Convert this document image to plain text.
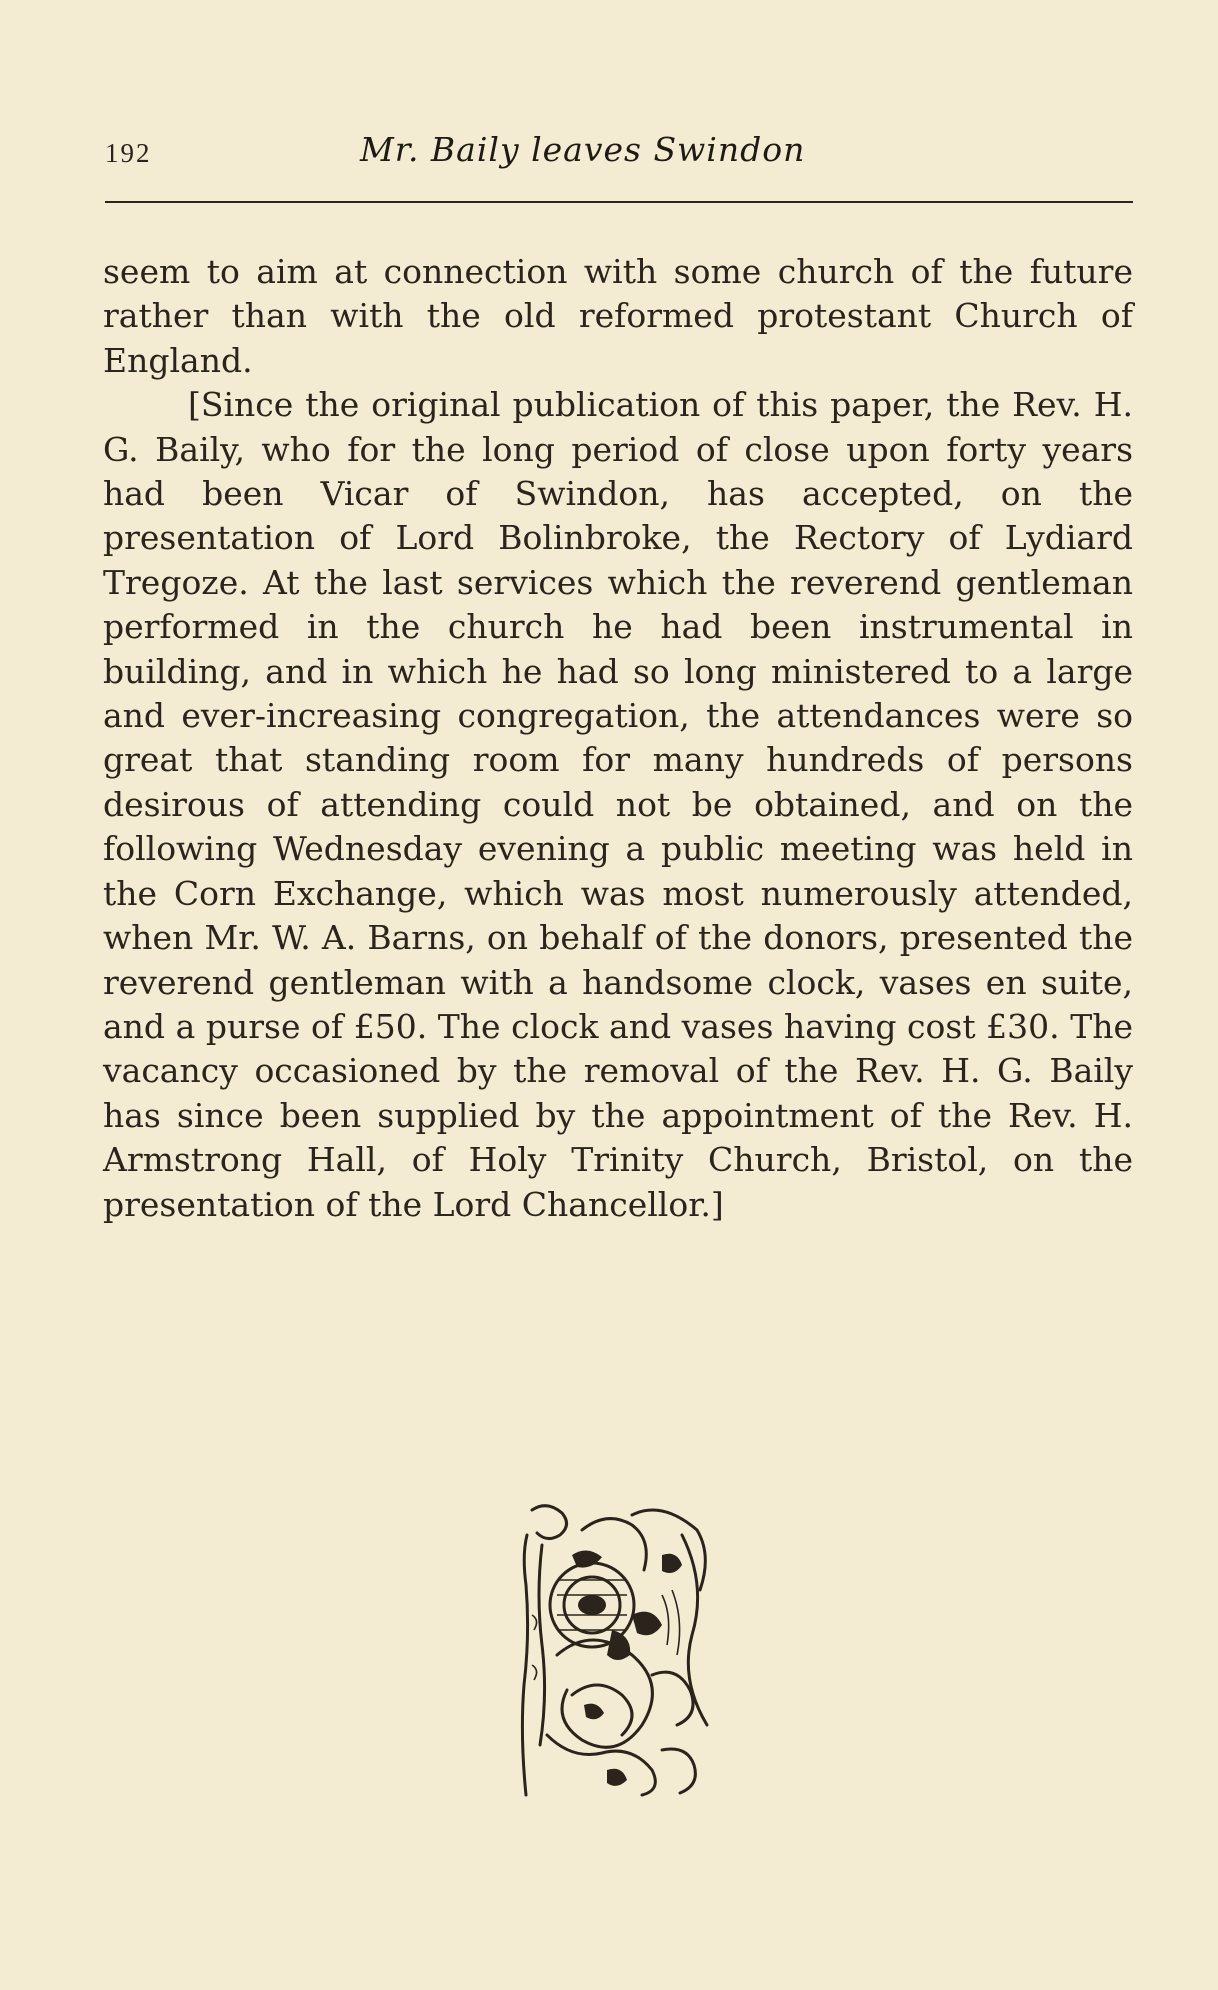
192	Mr. Baily leaves Swindon

seem to aim at connection with some church of the future rather than with the old reformed protestant Church of England.

[Since the original publication of this paper, the Rev. H. G. Baily, who for the long period of close upon forty years had been Vicar of Swindon, has accepted, on the presentation of Lord Bolinbroke, the Rectory of Lydiard Tregoze. At the last services which the reverend gentleman performed in the church he had been instrumental in building, and in which he had so long ministered to a large and ever-increasing congregation, the attendances were so great that standing room for many hundreds of persons desirous of attending could not be obtained, and on the following Wednesday evening a public meeting was held in the Corn Exchange, which was most numerously attended, when Mr. W. A. Barns, on behalf of the donors, presented the reverend gentleman with a handsome clock, vases en suite, and a purse of £50. The clock and vases having cost £30. The vacancy occasioned by the removal of the Rev. H. G. Baily has since been supplied by the appointment of the Rev. H. Armstrong Hall, of Holy Trinity Church, Bristol, on the presentation of the Lord Chancellor.]
